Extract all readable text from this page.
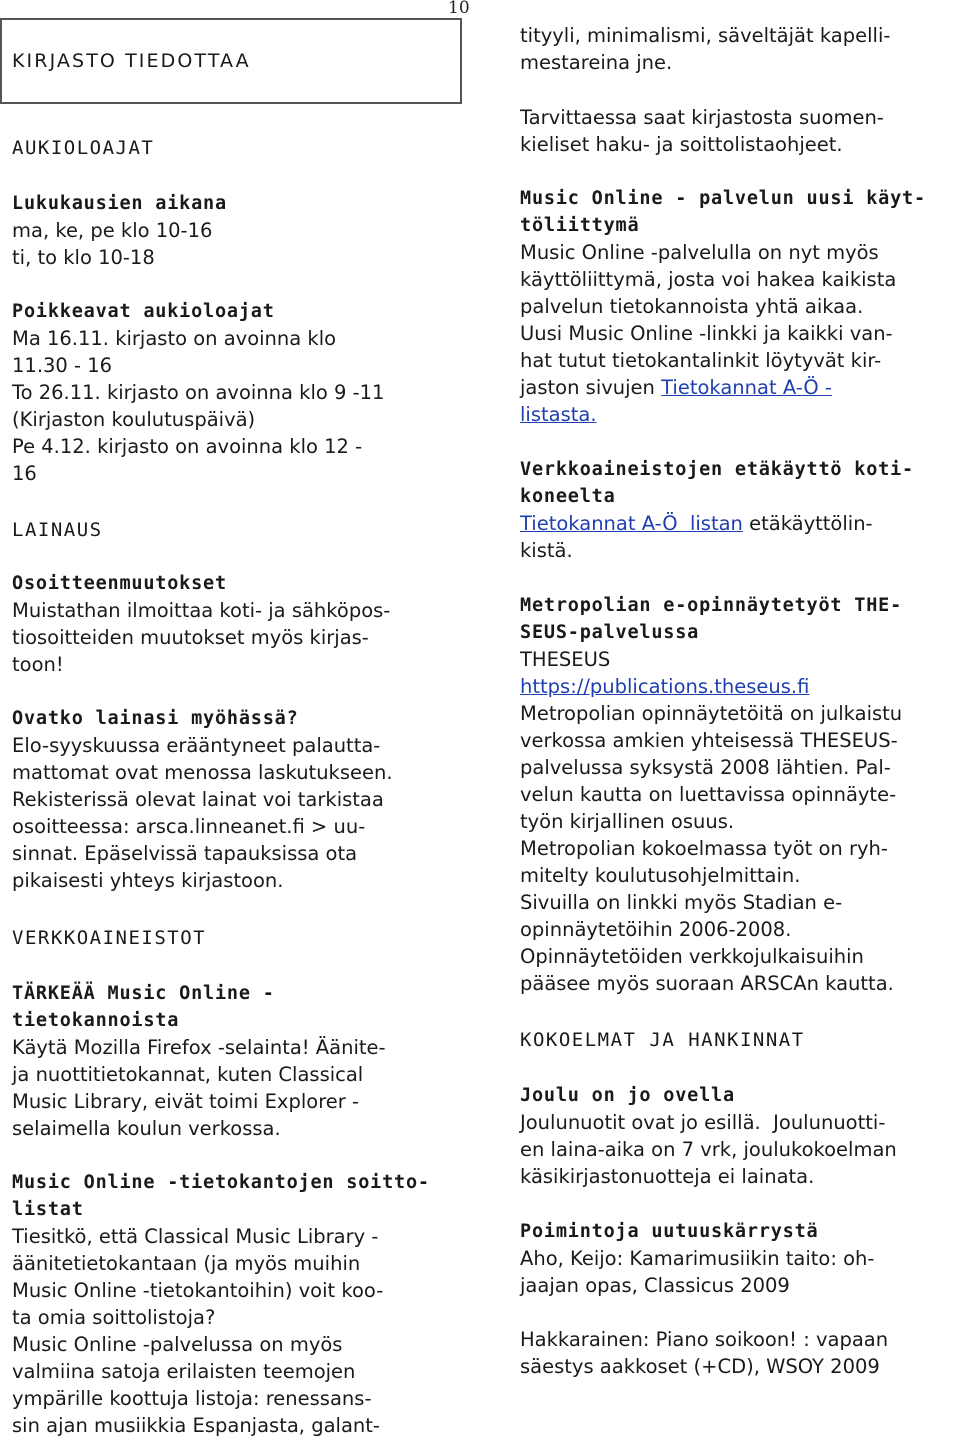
10
KIRJASTO TIEDOTTAA
AUKIOLOAJAT
Lukukausien aikana

ma, ke, pe klo 10-16

ti, to klo 10-18

Poikkeavat aukioloajat

Ma 16.11. kirjasto on avoinna klo

11.30 - 16

To 26.11. kirjasto on avoinna klo 9 -11

(Kirjaston koulutuspäivä)

Pe 4.12. kirjasto on avoinna klo 12 -

16

LAINAUS
Osoitteenmuutokset

Muistathan ilmoittaa koti- ja sähköpos-

tiosoitteiden muutokset myös kirjas-

toon!

Ovatko lainasi myöhässä?

Elo-syyskuussa erääntyneet palautta-

mattomat ovat menossa laskutukseen.

Rekisterissä olevat lainat voi tarkistaa

osoitteessa: arsca.linneanet.fi > uu-

sinnat. Epäselvissä tapauksissa ota

pikaisesti yhteys kirjastoon.

VERKKOAINEISTOT
TÄRKEÄÄ Music Online -
tietokannoista

Käytä Mozilla Firefox -selainta! Äänite-

ja nuottitietokannat, kuten Classical

Music Library, eivät toimi Explorer -

selaimella koulun verkossa.

Music Online -tietokantojen soitto-
listat

Tiesitkö, että Classical Music Library -

äänitetietokantaan (ja myös muihin

Music Online -tietokantoihin) voit koo-

ta omia soittolistoja?

Music Online -palvelussa on myös

valmiina satoja erilaisten teemojen

ympärille koottuja listoja: renessans-

sin ajan musiikkia Espanjasta, galant-

tityyli, minimalismi, säveltäjät kapelli-

mestareina jne.

Tarvittaessa saat kirjastosta suomen-

kieliset haku- ja soittolistaohjeet.

Music Online - palvelun uusi käyt-
töliittymä

Music Online -palvelulla on nyt myös

käyttöliittymä, josta voi hakea kaikista

palvelun tietokannoista yhtä aikaa.

Uusi Music Online -linkki ja kaikki van-

hat tutut tietokantalinkit löytyvät kir-

jaston sivujen Tietokannat A-Ö -

listasta.

Verkkoaineistojen etäkäyttö koti-
koneelta

Tietokannat A-Ö  listan etäkäyttölin-

kistä.

Metropolian e-opinnäytetyöt THE-
SEUS-palvelussa

THESEUS

https://publications.theseus.fi

Metropolian opinnäytetöitä on julkaistu

verkossa amkien yhteisessä THESEUS-

palvelussa syksystä 2008 lähtien. Pal-

velun kautta on luettavissa opinnäyte-

työn kirjallinen osuus.

Metropolian kokoelmassa työt on ryh-

mitelty koulutusohjelmittain.

Sivuilla on linkki myös Stadian e-

opinnäytetöihin 2006-2008.

Opinnäytetöiden verkkojulkaisuihin

pääsee myös suoraan ARSCAn kautta.

KOKOELMAT JA HANKINNAT
Joulu on jo ovella

Joulunuotit ovat jo esillä.  Joulunuotti-

en laina-aika on 7 vrk, joulukokoelman

käsikirjastonuotteja ei lainata.

Poimintoja uutuuskärrystä

Aho, Keijo: Kamarimusiikin taito: oh-

jaajan opas, Classicus 2009

Hakkarainen: Piano soikoon! : vapaan

säestys aakkoset (+CD), WSOY 2009
